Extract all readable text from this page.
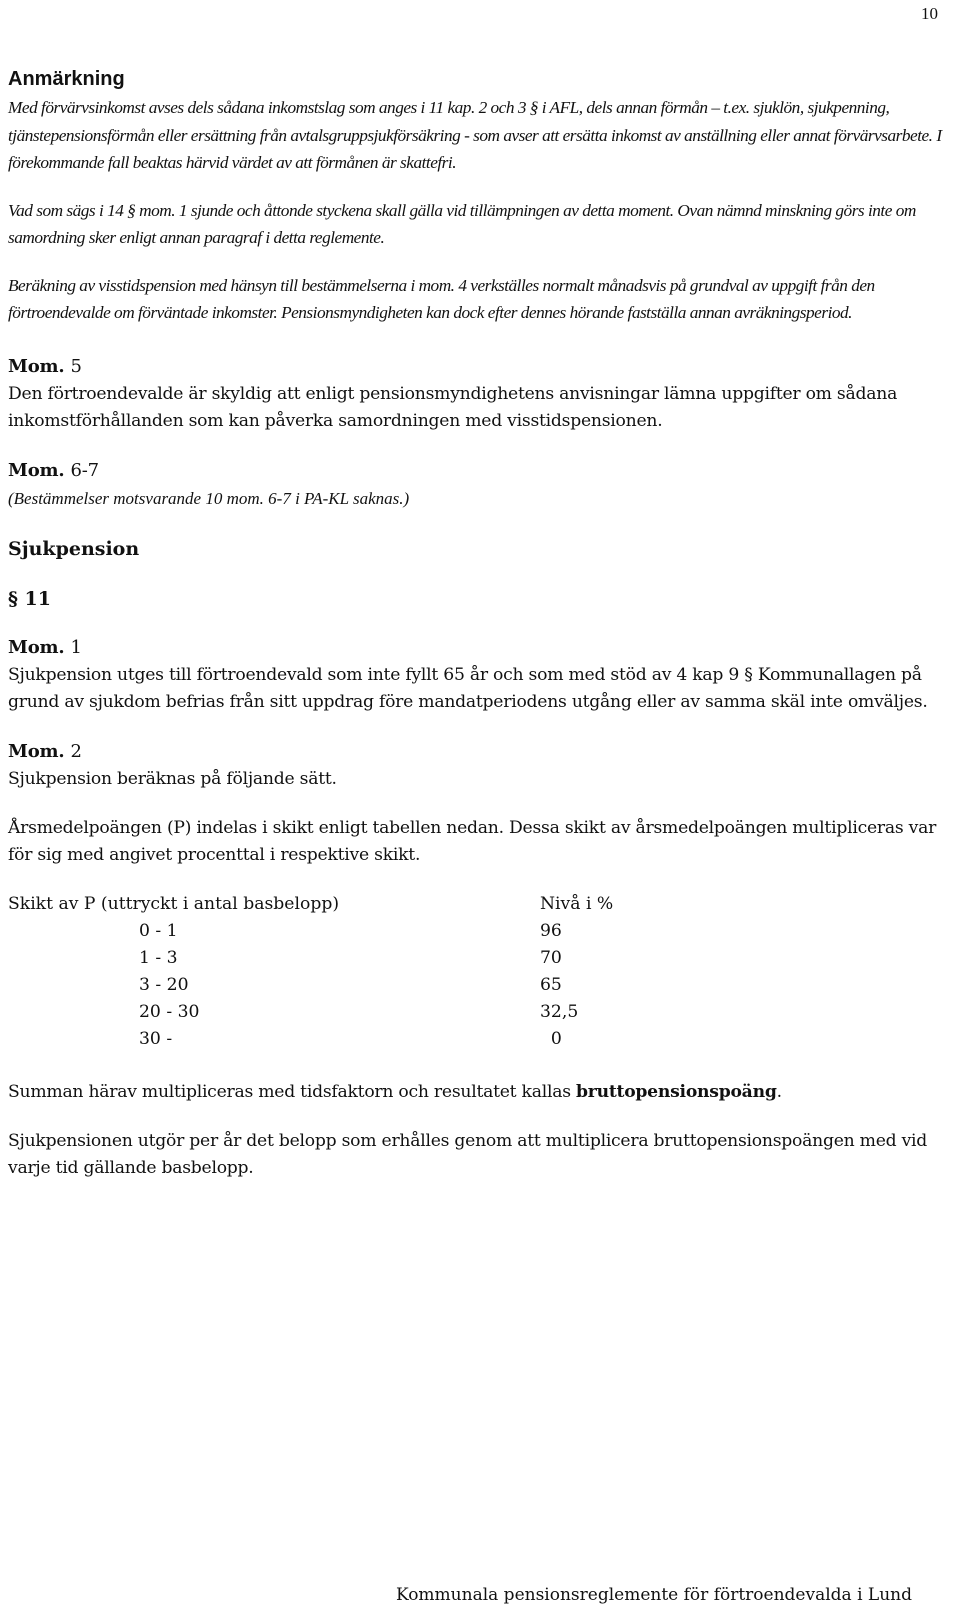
10
Anmärkning

Med förvärvsinkomst avses dels sådana inkomstslag som anges i 11 kap. 2 och 3 § i AFL, dels annan förmån – t.ex. sjuklön, sjukpenning, tjänstepensionsförmån eller ersättning från avtalsgruppsjukförsäkring - som avser att ersätta inkomst av anställning eller annat förvärvsarbete. I förekommande fall beaktas härvid värdet av att förmånen är skattefri.

Vad som sägs i 14 § mom. 1 sjunde och åttonde styckena skall gälla vid tillämpningen av detta moment. Ovan nämnd minskning görs inte om samordning sker enligt annan paragraf i detta reglemente.

Beräkning av visstidspension med hänsyn till bestämmelserna i mom. 4 verkställes normalt månadsvis på grundval av uppgift från den förtroendevalde om förväntade inkomster. Pensionsmyndigheten kan dock efter dennes hörande fastställa annan avräkningsperiod.

Mom. 5

Den förtroendevalde är skyldig att enligt pensionsmyndighetens anvisningar lämna uppgifter om sådana inkomstförhållanden som kan påverka samordningen med visstidspensionen.

Mom. 6-7

(Bestämmelser motsvarande 10 mom. 6-7 i PA-KL saknas.)

Sjukpension
§ 11
Mom. 1

Sjukpension utges till förtroendevald som inte fyllt 65 år och som med stöd av 4 kap 9 § Kommunallagen på grund av sjukdom befrias från sitt uppdrag före mandatperiodens utgång eller av samma skäl inte omväljes.

Mom. 2

Sjukpension beräknas på följande sätt.

Årsmedelpoängen (P) indelas i skikt enligt tabellen nedan. Dessa skikt av årsmedelpoängen multipliceras var för sig med angivet procenttal i respektive skikt.

Skikt av P (uttryckt i antal basbelopp)	Nivå i %
0 - 1	96
1 - 3	70
3 - 20	65
20 - 30	32,5
30 -	0

Summan härav multipliceras med tidsfaktorn och resultatet kallas bruttopensionspoäng.

Sjukpensionen utgör per år det belopp som erhålles genom att multiplicera bruttopensionspoängen med vid varje tid gällande basbelopp.

Kommunala pensionsreglemente för förtroendevalda i Lund
